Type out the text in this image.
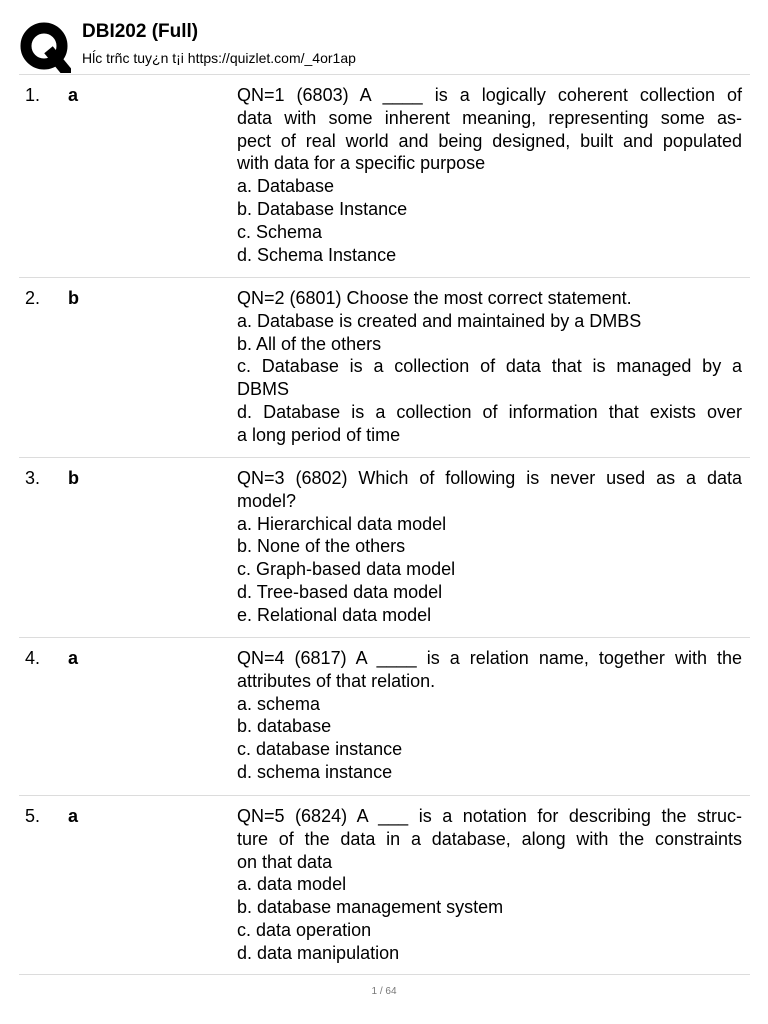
DBI202 (Full)
Hĺc trñc tuy¿n t¡i https://quizlet.com/_4or1ap
1. a	QN=1 (6803) A ____ is a logically coherent collection of
data with some inherent meaning, representing some as-
pect of real world and being designed, built and populated
with data for a specific purpose
a. Database
b. Database Instance
c. Schema
d. Schema Instance
2. b	QN=2 (6801) Choose the most correct statement.
a. Database is created and maintained by a DMBS
b. All of the others
c. Database is a collection of data that is managed by a
DBMS
d. Database is a collection of information that exists over
a long period of time
3. b	QN=3 (6802) Which of following is never used as a data
model?
a. Hierarchical data model
b. None of the others
c. Graph-based data model
d. Tree-based data model
e. Relational data model
4. a	QN=4 (6817) A ____ is a relation name, together with the
attributes of that relation.
a. schema
b. database
c. database instance
d. schema instance
5. a	QN=5 (6824) A ___ is a notation for describing the struc-
ture of the data in a database, along with the constraints
on that data
a. data model
b. database management system
c. data operation
d. data manipulation
1 / 64
